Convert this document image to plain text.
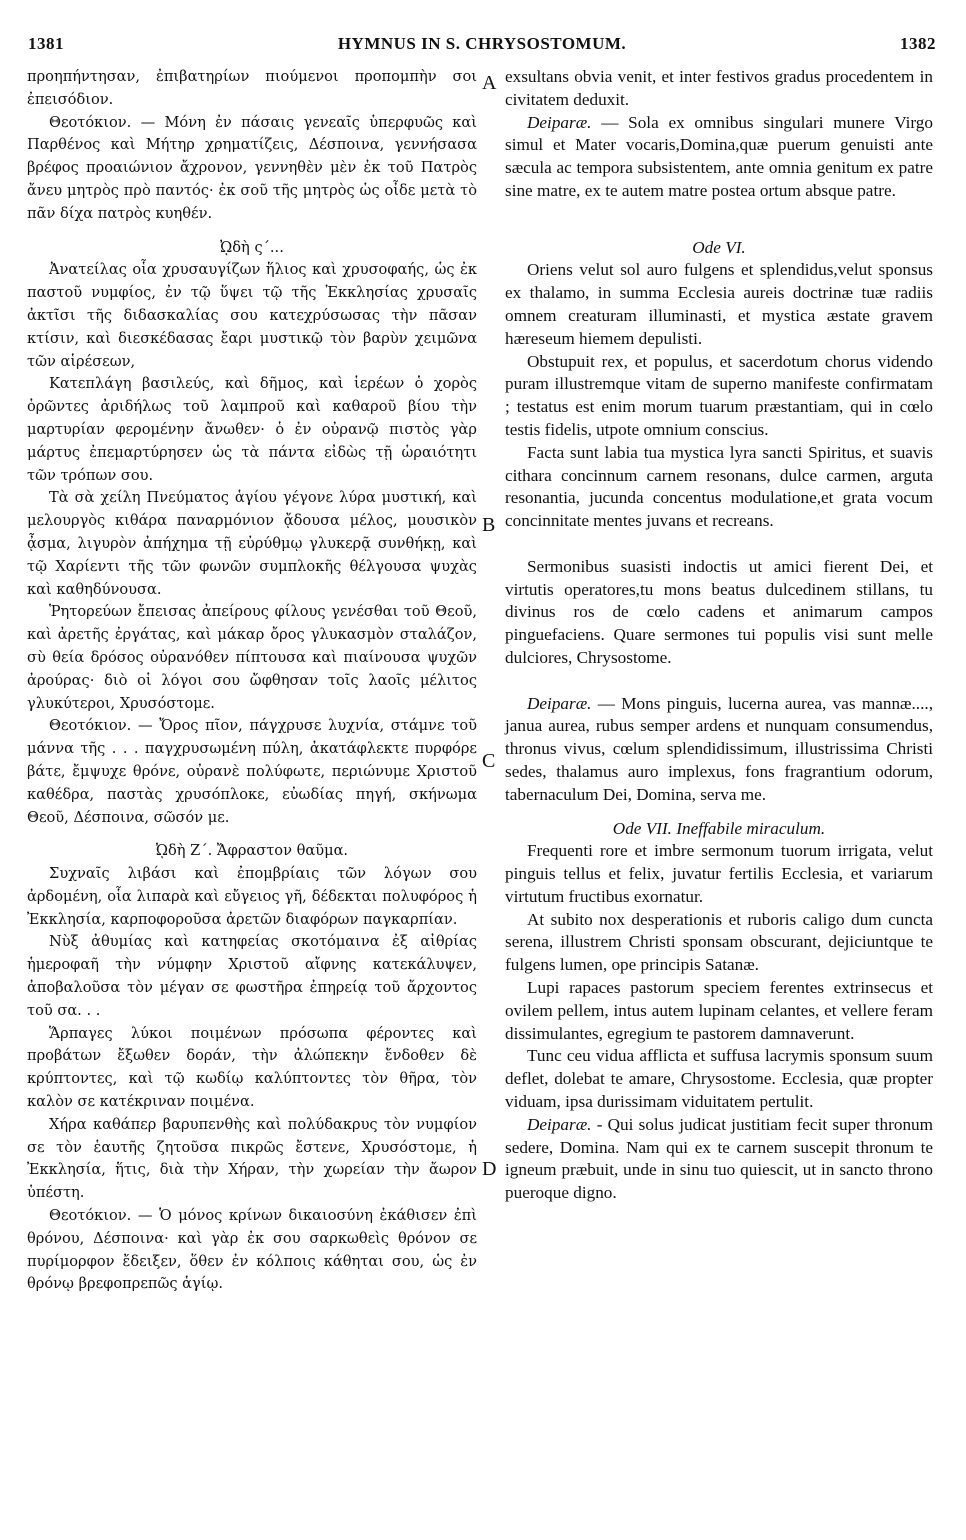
1381	HYMNUS IN S. CHRYSOSTOMUM.	1382
A
B
C
D

προηπήντησαν, ἐπιβατηρίων πιούμενοι προπομπὴν σοι ἐπεισόδιον.

Θεοτόκιον. — Μόνη ἐν πάσαις γενεαῖς ὑπερφυῶς καὶ Παρθένος καὶ Μήτηρ χρηματίζεις, Δέσποινα, γεννήσασα βρέφος προαιώνιον ἄχρονον, γεννηθὲν μὲν ἐκ τοῦ Πατρὸς ἄνευ μητρὸς πρὸ παντός· ἐκ σοῦ τῆς μητρὸς ὡς οἶδε μετὰ τὸ πᾶν δίχα πατρὸς κυηθέν.

ᾨδὴ ς΄...

Ἀνατείλας οἷα χρυσαυγίζων ἥλιος καὶ χρυσοφαής, ὡς ἐκ παστοῦ νυμφίος, ἐν τῷ ὕψει τῷ τῆς Ἐκκλησίας χρυσαῖς ἀκτῖσι τῆς διδασκαλίας σου κατεχρύσωσας τὴν πᾶσαν κτίσιν, καὶ διεσκέδασας ἔαρι μυστικῷ τὸν βαρὺν χειμῶνα τῶν αἱρέσεων,

Κατεπλάγη βασιλεύς, καὶ δῆμος, καὶ ἱερέων ὁ χορὸς ὁρῶντες ἀριδήλως τοῦ λαμπροῦ καὶ καθαροῦ βίου τὴν μαρτυρίαν φερομένην ἄνωθεν· ὁ ἐν οὐρανῷ πιστὸς γὰρ μάρτυς ἐπεμαρτύρησεν ὡς τὰ πάντα εἰδὼς τῇ ὡραιότητι τῶν τρόπων σου.

Τὰ σὰ χείλη Πνεύματος ἁγίου γέγονε λύρα μυστική, καὶ μελουργὸς κιθάρα παναρμόνιον ᾄδουσα μέλος, μουσικὸν ᾆσμα, λιγυρὸν ἀπήχημα τῇ εὐρύθμῳ γλυκερᾷ συνθήκῃ, καὶ τῷ Χαρίεντι τῆς τῶν φωνῶν συμπλοκῆς θέλγουσα ψυχὰς καὶ καθηδύνουσα.

Ῥητορεύων ἔπεισας ἀπείρους φίλους γενέσθαι τοῦ Θεοῦ, καὶ ἀρετῆς ἐργάτας, καὶ μάκαρ ὄρος γλυκασμὸν σταλάζον, σὺ θεία δρόσος οὐρανόθεν πίπτουσα καὶ πιαίνουσα ψυχῶν ἀρούρας· διὸ οἱ λόγοι σου ὤφθησαν τοῖς λαοῖς μέλιτος γλυκύτεροι, Χρυσόστομε.

Θεοτόκιον. — Ὄρος πῖον, πάγχρυσε λυχνία, στάμνε τοῦ μάννα τῆς . . . παγχρυσωμένη πύλη, ἀκατάφλεκτε πυρφόρε βάτε, ἔμψυχε θρόνε, οὐρανὲ πολύφωτε, περιώνυμε Χριστοῦ καθέδρα, παστὰς χρυσόπλοκε, εὐωδίας πηγή, σκήνωμα Θεοῦ, Δέσποινα, σῶσόν με.

ᾨδὴ Ζ΄. Ἄφραστον θαῦμα.

Συχναῖς λιβάσι καὶ ἐπομβρίαις τῶν λόγων σου ἀρδομένη, οἷα λιπαρὰ καὶ εὔγειος γῆ, δέδεκται πολυφόρος ἡ Ἐκκλησία, καρποφοροῦσα ἀρετῶν διαφόρων παγκαρπίαν.

Νὺξ ἀθυμίας καὶ κατηφείας σκοτόμαινα ἐξ αἰθρίας ἡμεροφαῆ τὴν νύμφην Χριστοῦ αἴφνης κατεκάλυψεν, ἀποβαλοῦσα τὸν μέγαν σε φωστῆρα ἐπηρείᾳ τοῦ ἄρχοντος τοῦ σα. . .

Ἅρπαγες λύκοι ποιμένων πρόσωπα φέροντες καὶ προβάτων ἔξωθεν δοράν, τὴν ἀλώπεκην ἔνδοθεν δὲ κρύπτοντες, καὶ τῷ κωδίῳ καλύπτοντες τὸν θῆρα, τὸν καλὸν σε κατέκριναν ποιμένα.

Χήρα καθάπερ βαρυπενθὴς καὶ πολύδακρυς τὸν νυμφίον σε τὸν ἑαυτῆς ζητοῦσα πικρῶς ἔστενε, Χρυσόστομε, ἡ Ἐκκλησία, ἥτις, διὰ τὴν Χήραν, τὴν χωρείαν τὴν ἄωρον ὑπέστη.

Θεοτόκιον. — Ὁ μόνος κρίνων δικαιοσύνη ἐκάθισεν ἐπὶ θρόνου, Δέσποινα· καὶ γὰρ ἐκ σου σαρκωθεὶς θρόνον σε πυρίμορφον ἔδειξεν, ὅθεν ἐν κόλποις κάθηται σου, ὡς ἐν θρόνῳ βρεφοπρεπῶς ἁγίῳ.

exsultans obvia venit, et inter festivos gradus procedentem in civitatem deduxit.

Deiparæ. — Sola ex omnibus singulari munere Virgo simul et Mater vocaris,Domina,quæ puerum genuisti ante sæcula ac tempora subsistentem, ante omnia genitum ex patre sine matre, ex te autem matre postea ortum absque patre.

Ode VI.

Oriens velut sol auro fulgens et splendidus,velut sponsus ex thalamo, in summa Ecclesia aureis doctrinæ tuæ radiis omnem creaturam illuminasti, et mystica æstate gravem hæreseum hiemem depulisti.

Obstupuit rex, et populus, et sacerdotum chorus videndo puram illustremque vitam de superno manifeste confirmatam ; testatus est enim morum tuarum præstantiam, qui in cœlo testis fidelis, utpote omnium conscius.

Facta sunt labia tua mystica lyra sancti Spiritus, et suavis cithara concinnum carnem resonans, dulce carmen, arguta resonantia, jucunda concentus modulatione,et grata vocum concinnitate mentes juvans et recreans.

Sermonibus suasisti indoctis ut amici fierent Dei, et virtutis operatores,tu mons beatus dulcedinem stillans, tu divinus ros de cœlo cadens et animarum campos pinguefaciens. Quare sermones tui populis visi sunt melle dulciores, Chrysostome.

Deiparæ. — Mons pinguis, lucerna aurea, vas mannæ...., janua aurea, rubus semper ardens et nunquam consumendus, thronus vivus, cœlum splendidissimum, illustrissima Christi sedes, thalamus auro implexus, fons fragrantium odorum, tabernaculum Dei, Domina, serva me.

Ode VII. Ineffabile miraculum.

Frequenti rore et imbre sermonum tuorum irrigata, velut pinguis tellus et felix, juvatur fertilis Ecclesia, et variarum virtutum fructibus exornatur.

At subito nox desperationis et ruboris caligo dum cuncta serena, illustrem Christi sponsam obscurant, dejiciuntque te fulgens lumen, ope principis Satanæ.

Lupi rapaces pastorum speciem ferentes extrinsecus et ovilem pellem, intus autem lupinam celantes, et vellere feram dissimulantes, egregium te pastorem damnaverunt.

Tunc ceu vidua afflicta et suffusa lacrymis sponsum suum deflet, dolebat te amare, Chrysostome. Ecclesia, quæ propter viduam, ipsa durissimam viduitatem pertulit.

Deiparæ. - Qui solus judicat justitiam fecit super thronum sedere, Domina. Nam qui ex te carnem suscepit thronum te igneum præbuit, unde in sinu tuo quiescit, ut in sancto throno pueroque digno.
